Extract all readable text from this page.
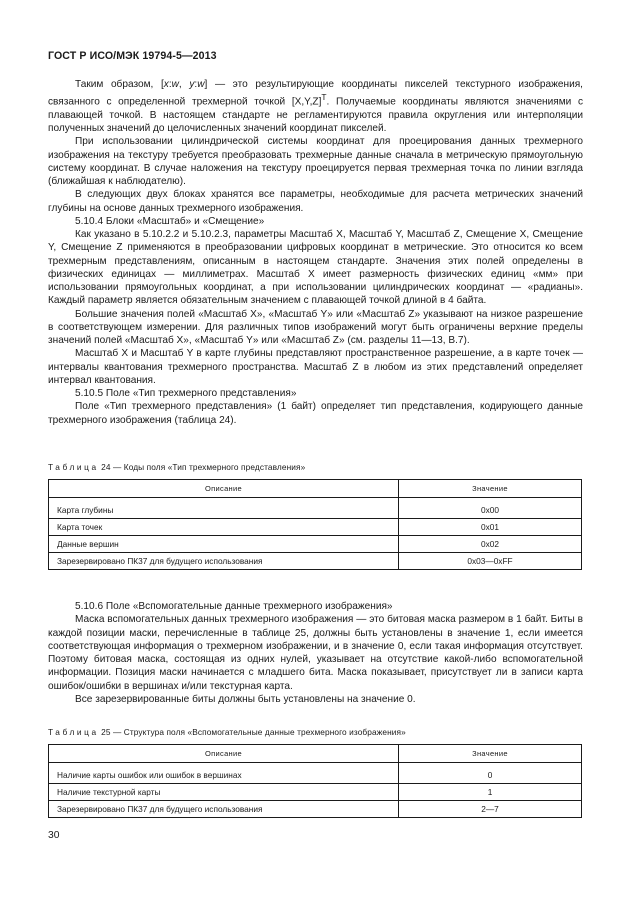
ГОСТ Р ИСО/МЭК 19794-5—2013

Таким образом, [x:w, y:w] — это результирующие координаты пикселей текстурного изображения, связанного с определенной трехмерной точкой $[X,Y,Z]^T$. Получаемые координаты являются значениями с плавающей точкой. В настоящем стандарте не регламентируются правила округления или интерполяции полученных значений до целочисленных значений координат пикселей.

При использовании цилиндрической системы координат для проецирования данных трехмерного изображения на текстуру требуется преобразовать трехмерные данные сначала в метрическую прямоугольную систему координат. В случае наложения на текстуру проецируется первая трехмерная точка по линии взгляда (ближайшая к наблюдателю).

В следующих двух блоках хранятся все параметры, необходимые для расчета метрических значений глубины на основе данных трехмерного изображения.

5.10.4 Блоки «Масштаб» и «Смещение»

Как указано в 5.10.2.2 и 5.10.2.3, параметры Масштаб X, Масштаб Y, Масштаб Z, Смещение X, Смещение Y, Смещение Z применяются в преобразовании цифровых координат в метрические. Это относится ко всем трехмерным представлениям, описанным в настоящем стандарте. Значения этих полей определены в физических единицах — миллиметрах. Масштаб X имеет размерность физических единиц «мм» при использовании прямоугольных координат, а при использовании цилиндрических координат — «радианы». Каждый параметр является обязательным значением с плавающей точкой длиной в 4 байта.

Большие значения полей «Масштаб X», «Масштаб Y» или «Масштаб Z» указывают на низкое разрешение в соответствующем измерении. Для различных типов изображений могут быть ограничены верхние пределы значений полей «Масштаб X», «Масштаб Y» или «Масштаб Z» (см. разделы 11—13, В.7).

Масштаб X и Масштаб Y в карте глубины представляют пространственное разрешение, а в карте точек — интервалы квантования трехмерного пространства. Масштаб Z в любом из этих представлений определяет интервал квантования.

5.10.5 Поле «Тип трехмерного представления»

Поле «Тип трехмерного представления» (1 байт) определяет тип представления, кодирующего данные трехмерного изображения (таблица 24).

Таблица 24 — Коды поля «Тип трехмерного представления»
Описание	Значение
Карта глубины	0x00
Карта точек	0x01
Данные вершин	0x02
Зарезервировано ПК37 для будущего использования	0x03—0xFF

5.10.6 Поле «Вспомогательные данные трехмерного изображения»

Маска вспомогательных данных трехмерного изображения — это битовая маска размером в 1 байт. Биты в каждой позиции маски, перечисленные в таблице 25, должны быть установлены в значение 1, если имеется соответствующая информация о трехмерном изображении, и в значение 0, если такая информация отсутствует. Поэтому битовая маска, состоящая из одних нулей, указывает на отсутствие какой-либо вспомогательной информации. Позиция маски начинается с младшего бита. Маска показывает, присутствует ли в записи карта ошибок/ошибки в вершинах и/или текстурная карта.

Все зарезервированные биты должны быть установлены на значение 0.

Таблица 25 — Структура поля «Вспомогательные данные трехмерного изображения»
Описание	Значение
Наличие карты ошибок или ошибок в вершинах	0
Наличие текстурной карты	1
Зарезервировано ПК37 для будущего использования	2—7
30
